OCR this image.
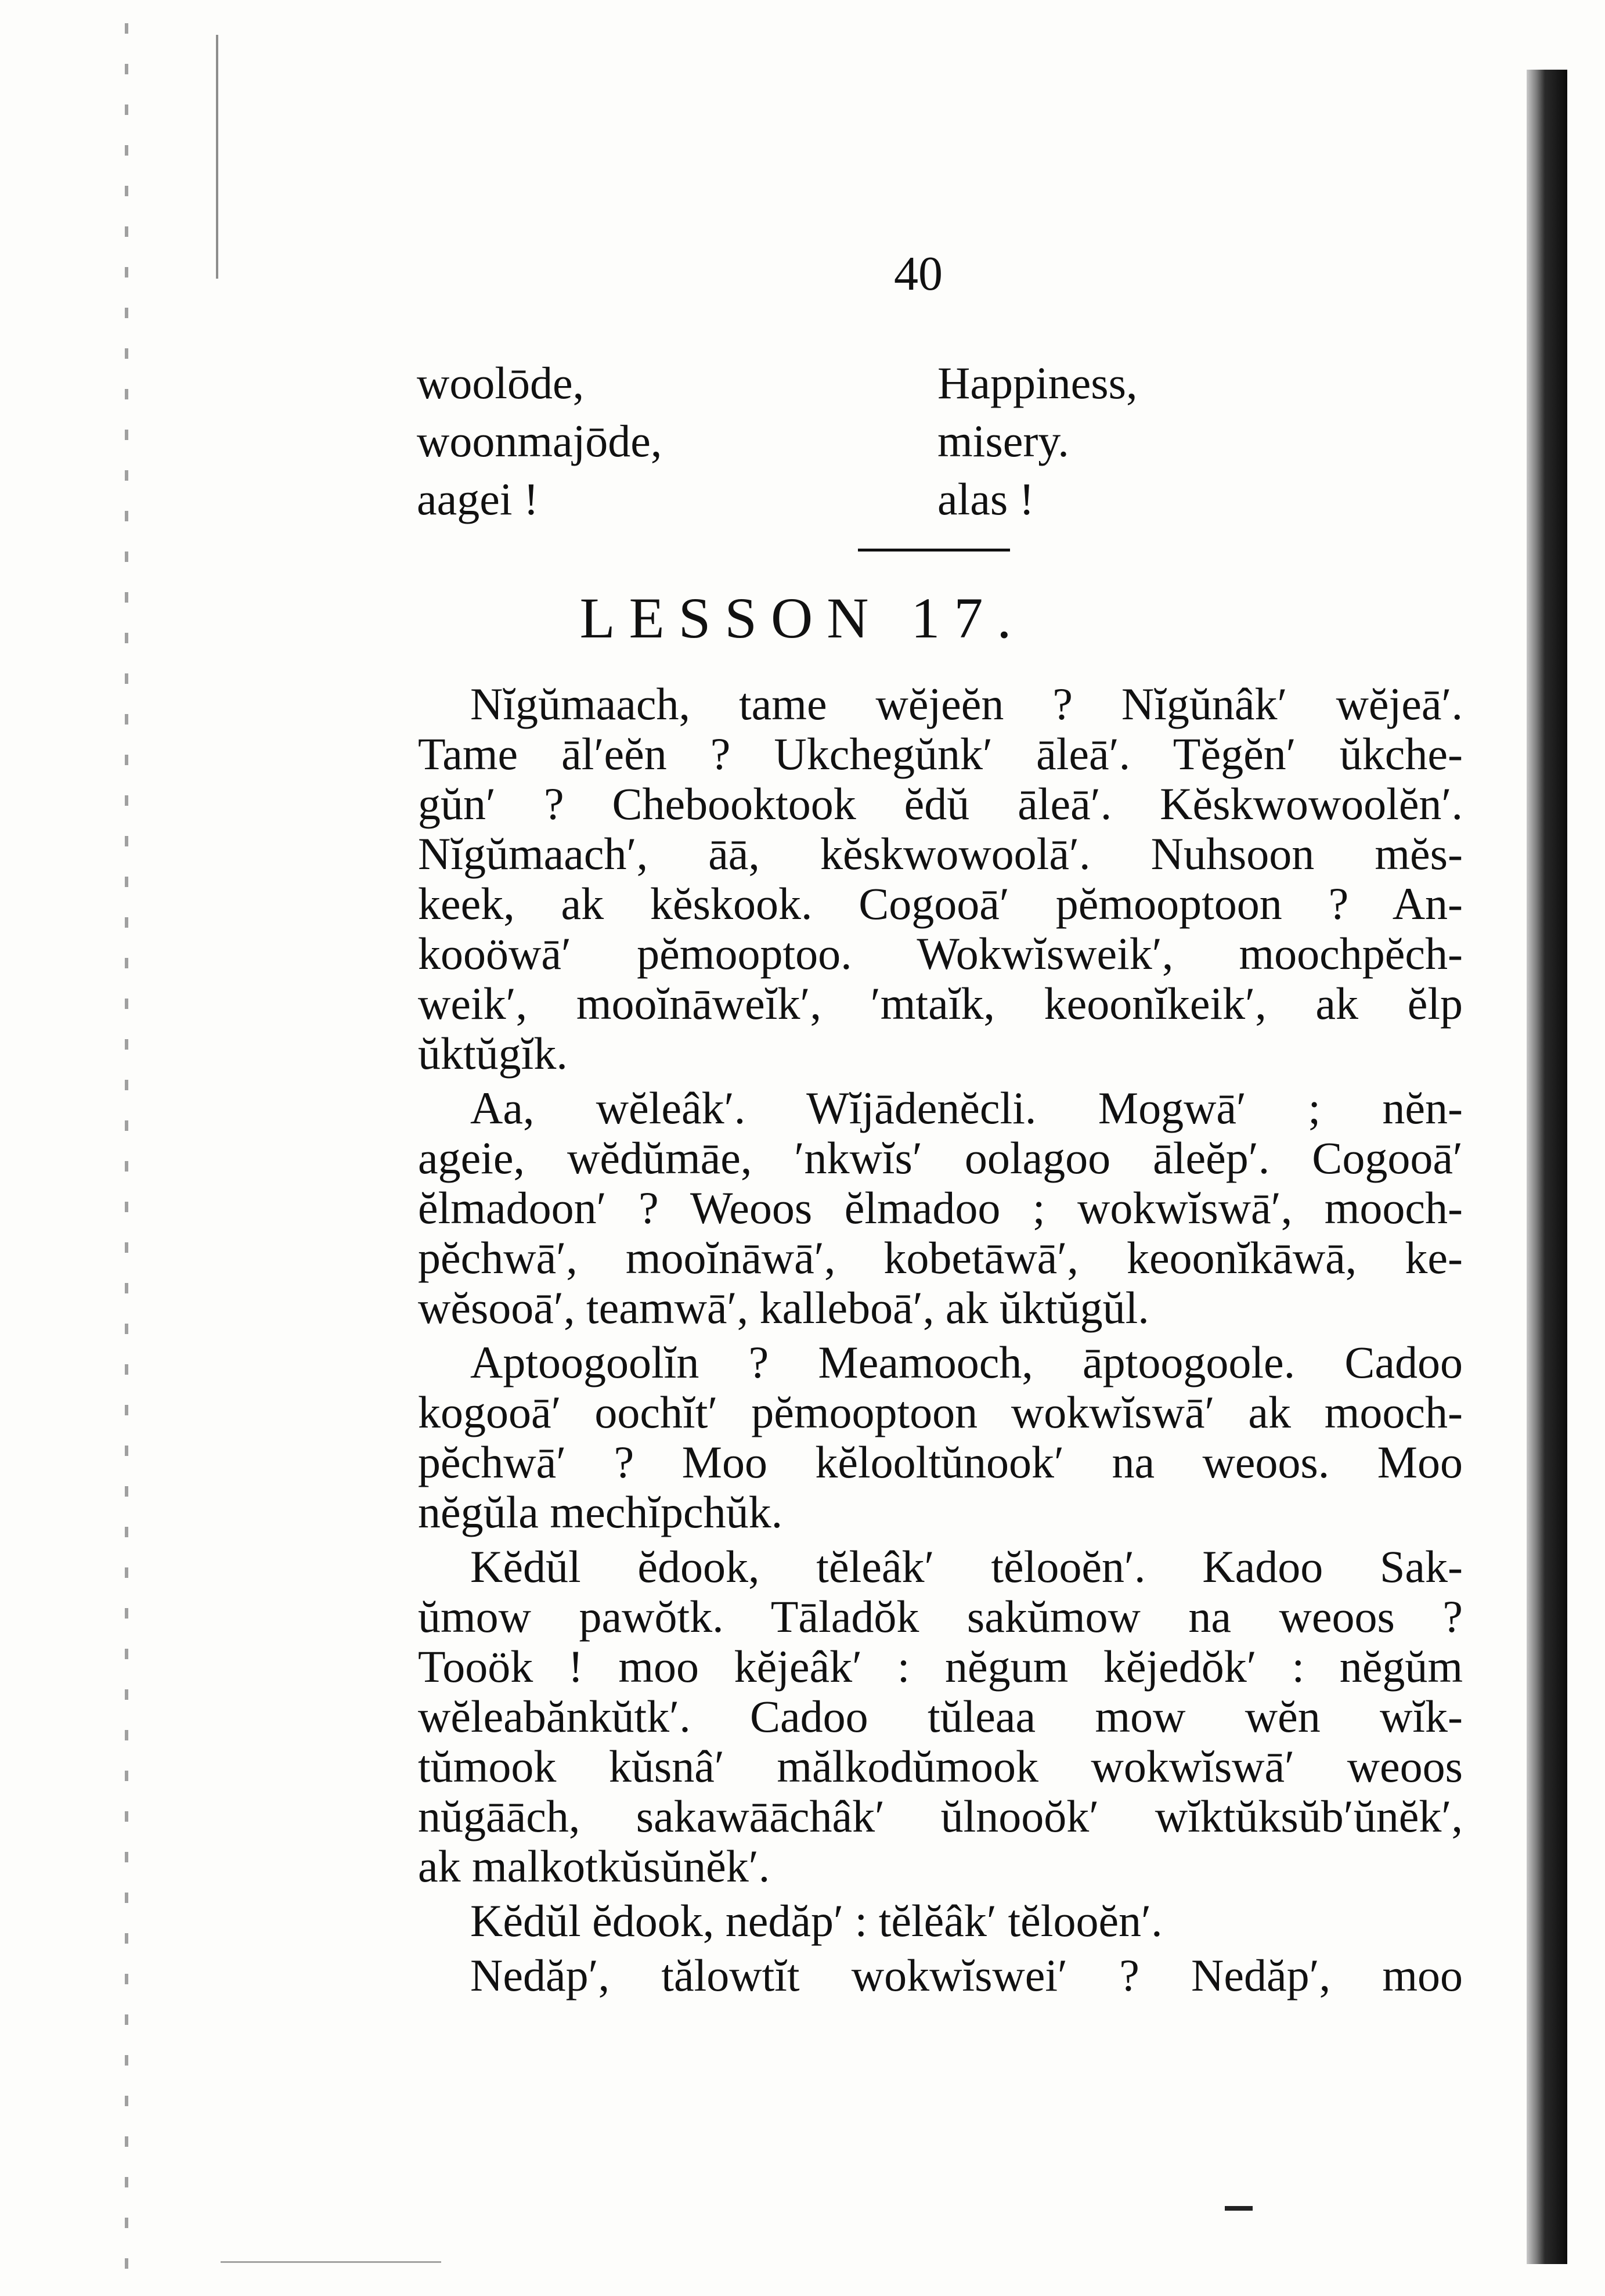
40
woolōde,
woonmajōde,
aagei !
Happiness,
misery.
alas !
LESSON 17.
Nĭgŭmaach, tame wĕjeĕn ? Nĭgŭnâk′ wĕjeā′.
Tame āl′eĕn ? Ukchegŭnk′ āleā′. Tĕgĕn′ ŭkche-
gŭn′ ? Chebooktook ĕdŭ āleā′. Kĕskwowoolĕn′.
Nĭgŭmaach′, āā, kĕskwowoolā′. Nuhsoon mĕs-
keek, ak kĕskook. Cogooā′ pĕmooptoon ? An-
kooöwā′ pĕmooptoo. Wokwĭsweik′, moochpĕch-
weik′, mooĭnāweĭk′, ′mtaĭk, keoonĭkeik′, ak ĕlp
ŭktŭgĭk.
Aa, wĕleâk′. Wĭjādenĕcli. Mogwā′ ; nĕn-
ageie, wĕdŭmāe, ′nkwĭs′ oolagoo āleĕp′. Cogooā′
ĕlmadoon′ ? Weoos ĕlmadoo ; wokwĭswā′, mooch-
pĕchwā′, mooĭnāwā′, kobetāwā′, keoonĭkāwā, ke-
wĕsooā′, teamwā′, kalleboā′, ak ŭktŭgŭl.
Aptoogoolĭn ? Meamooch, āptoogoole. Cadoo
kogooā′ oochĭt′ pĕmooptoon wokwĭswā′ ak mooch-
pĕchwā′ ? Moo kĕlooltŭnook′ na weoos. Moo
nĕgŭla mechĭpchŭk.
Kĕdŭl ĕdook, tĕleâk′ tĕlooĕn′. Kadoo Sak-
ŭmow pawŏtk. Tāladŏk sakŭmow na weoos ?
Tooök ! moo kĕjeâk′ : nĕgum kĕjedŏk′ : nĕgŭm
wĕleabănkŭtk′. Cadoo tŭleaa mow wĕn wĭk-
tŭmook kŭsnâ′ mălkodŭmook wokwĭswā′ weoos
nŭgāāch, sakawāāchâk′ ŭlnooŏk′ wĭktŭksŭb′ŭnĕk′,
ak malkotkŭsŭnĕk′.
Kĕdŭl ĕdook, nedăp′ : tĕlĕâk′ tĕlooĕn′.
Nedăp′, tălowtĭt wokwĭswei′ ? Nedăp′, moo
